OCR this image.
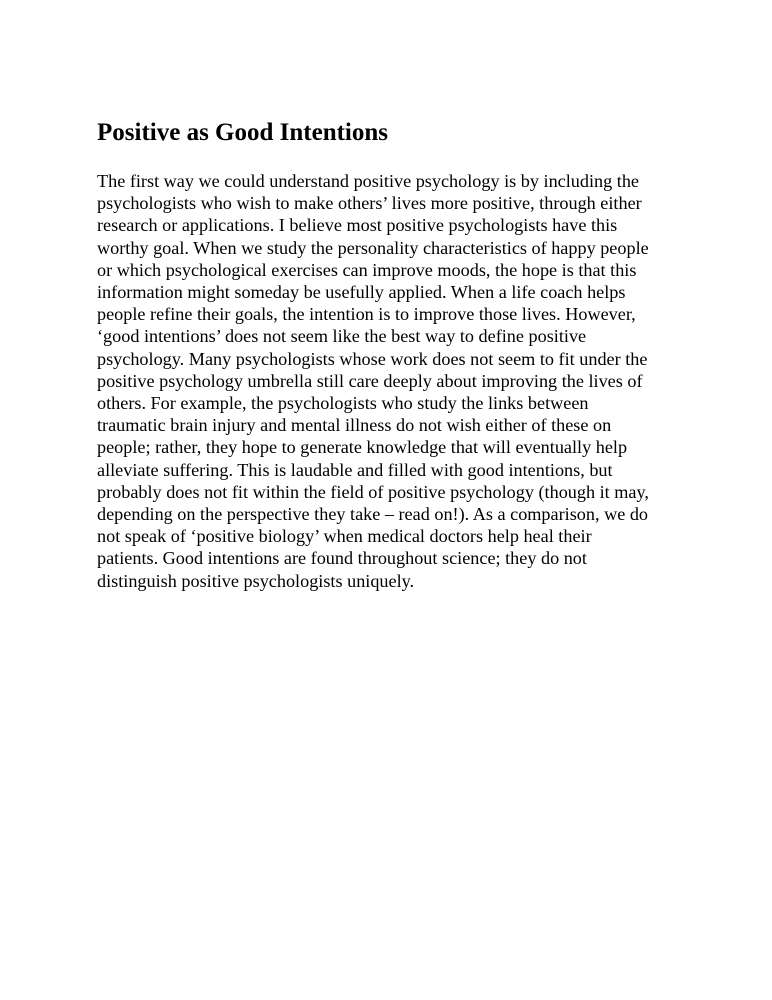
Positive as Good Intentions

The first way we could understand positive psychology is by including the
psychologists who wish to make others’ lives more positive, through either
research or applications. I believe most positive psychologists have this
worthy goal. When we study the personality characteristics of happy people
or which psychological exercises can improve moods, the hope is that this
information might someday be usefully applied. When a life coach helps
people refine their goals, the intention is to improve those lives. However,
‘good intentions’ does not seem like the best way to define positive
psychology. Many psychologists whose work does not seem to fit under the
positive psychology umbrella still care deeply about improving the lives of
others. For example, the psychologists who study the links between
traumatic brain injury and mental illness do not wish either of these on
people; rather, they hope to generate knowledge that will eventually help
alleviate suffering. This is laudable and filled with good intentions, but
probably does not fit within the field of positive psychology (though it may,
depending on the perspective they take – read on!). As a comparison, we do
not speak of ‘positive biology’ when medical doctors help heal their
patients. Good intentions are found throughout science; they do not
distinguish positive psychologists uniquely.
